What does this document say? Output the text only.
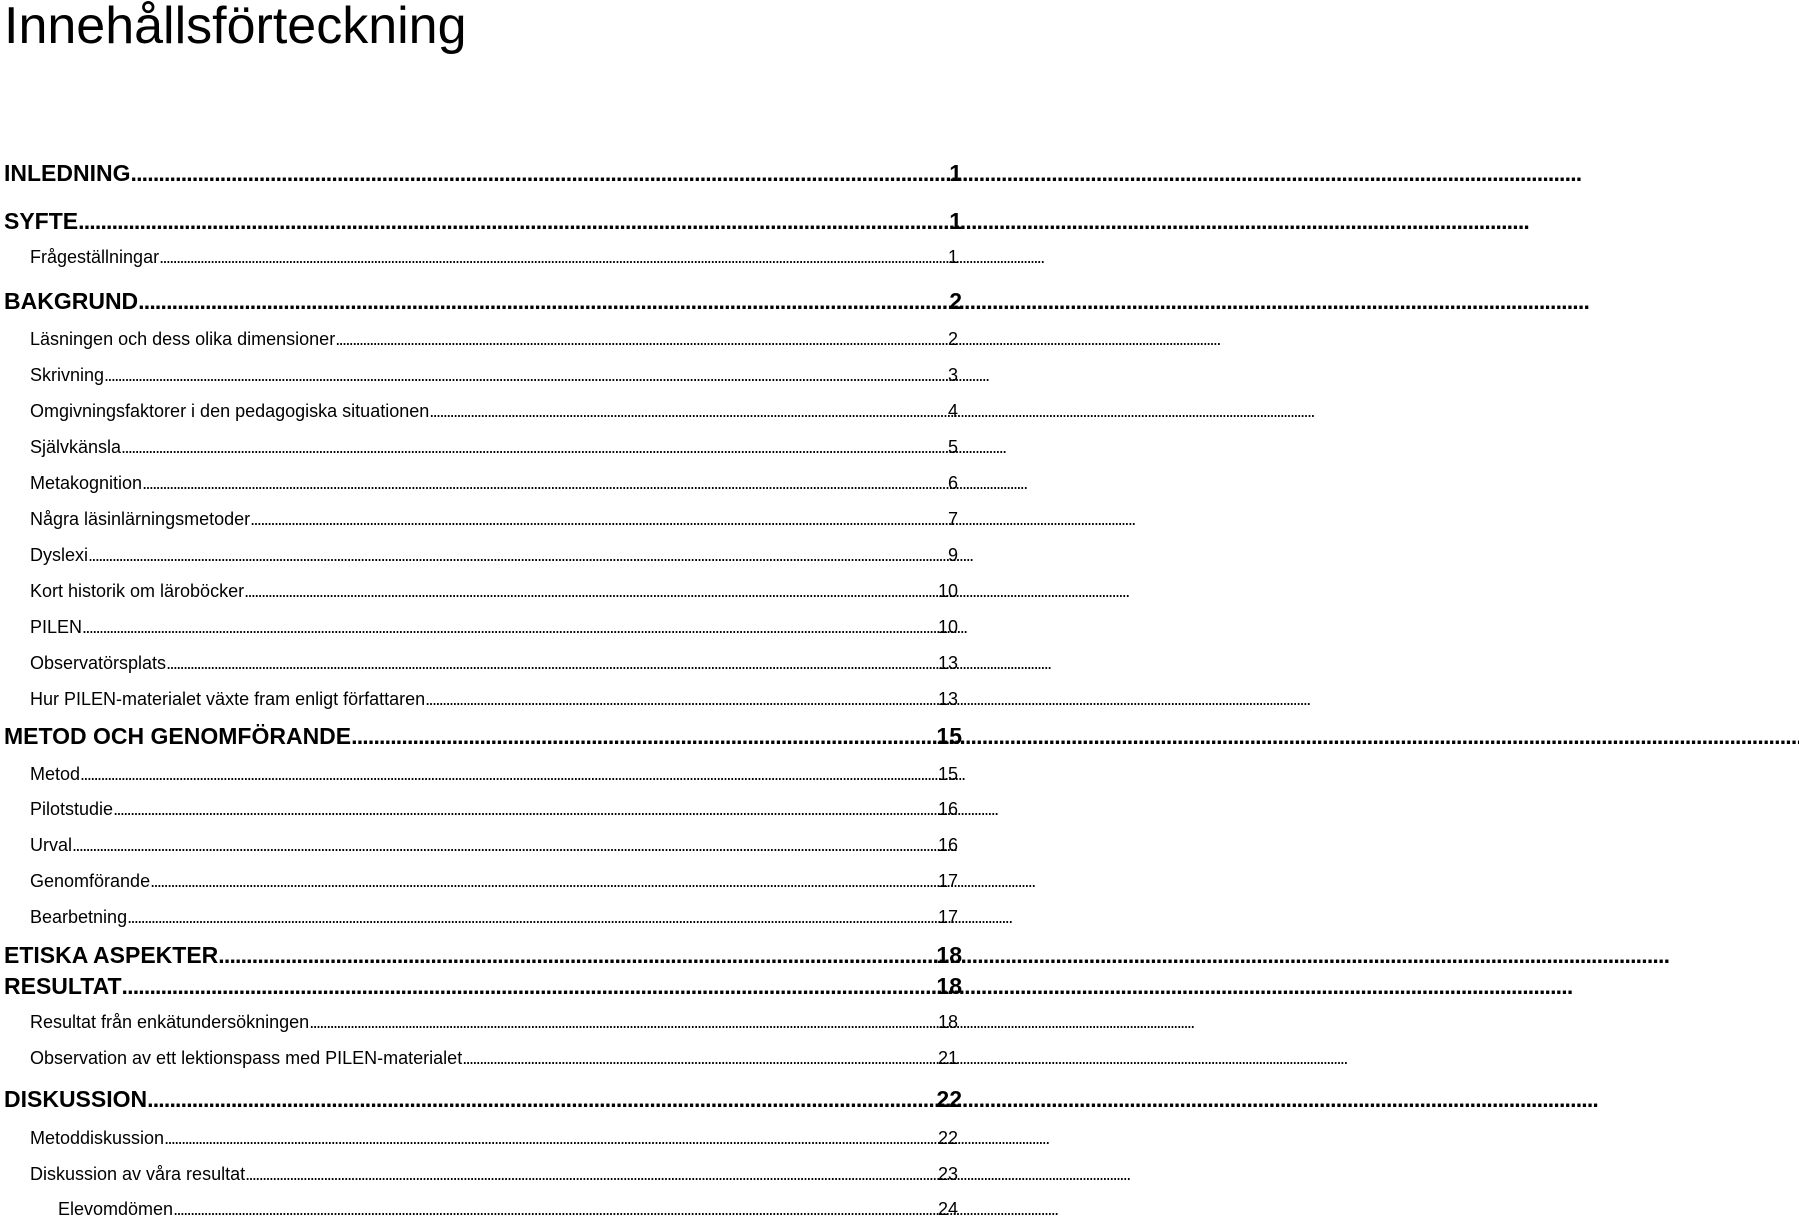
Innehållsförteckning
INLEDNING . . .	1
SYFTE . . .	1
Frågeställningar . . .	1
BAKGRUND . . .	2
Läsningen och dess olika dimensioner . . .	2
Skrivning . . .	3
Omgivningsfaktorer i den pedagogiska situationen . . .	4
Självkänsla . . .	5
Metakognition . . .	6
Några läsinlärningsmetoder . . .	7
Dyslexi . . .	9
Kort historik om läroböcker . . .	10
PILEN . . .	10
Observatörsplats . . .	13
Hur PILEN-materialet växte fram enligt författaren . . .	13
METOD OCH GENOMFÖRANDE . . .	15
Metod . . .	15
Pilotstudie . . .	16
Urval . . .	16
Genomförande . . .	17
Bearbetning . . .	17
ETISKA ASPEKTER . . .	18
RESULTAT . . .	18
Resultat från enkätundersökningen . . .	18
Observation av ett lektionspass med PILEN-materialet . . .	21
DISKUSSION . . .	22
Metoddiskussion . . .	22
Diskussion av våra resultat . . .	23
Elevomdömen . . .	24
